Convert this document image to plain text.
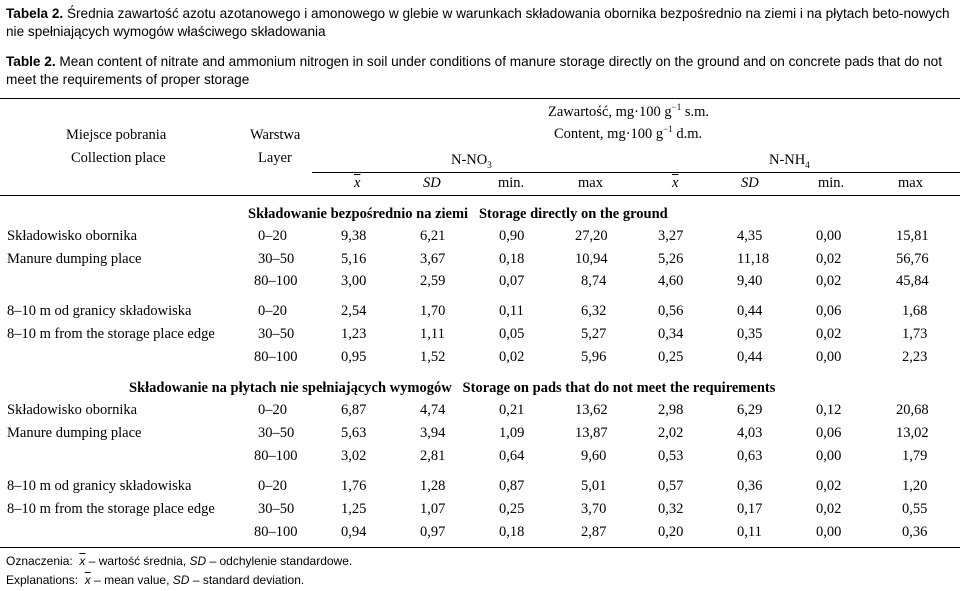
Tabela 2. Średnia zawartość azotu azotanowego i amonowego w glebie w warunkach składowania obornika bezpośrednio na ziemi i na płytach beto-nowych nie spełniających wymogów właściwego składowania
Table 2. Mean content of nitrate and ammonium nitrogen in soil under conditions of manure storage directly on the ground and on concrete pads that do not meet the requirements of proper storage
Zawartość, mg·100 $g^{-1}$ s.m.
Content, mg·100 $g^{-1}$ d.m.
Miejsce pobrania
Collection place
Warstwa
Layer	$N-NO_3$	$N-NH_4$
$\overline{x}$	SD	min.	max	$\overline{x}$	SD	min.	max
Składowanie bezpośrednio na ziemi Storage directly on the ground
Składowisko obornika
Manure dumping place
0–20	9,38	6,21	0,90	27,20	3,27	4,35	0,00	15,81
30–50	5,16	3,67	0,18	10,94	5,26	11,18	0,02	56,76
80–100	3,00	2,59	0,07	8,74	4,60	9,40	0,02	45,84
8–10 m od granicy składowiska
8–10 m from the storage place edge
0–20	2,54	1,70	0,11	6,32	0,56	0,44	0,06	1,68
30–50	1,23	1,11	0,05	5,27	0,34	0,35	0,02	1,73
80–100	0,95	1,52	0,02	5,96	0,25	0,44	0,00	2,23
Składowanie na płytach nie spełniających wymogów Storage on pads that do not meet the requirements
Składowisko obornika
Manure dumping place
0–20	6,87	4,74	0,21	13,62	2,98	6,29	0,12	20,68
30–50	5,63	3,94	1,09	13,87	2,02	4,03	0,06	13,02
80–100	3,02	2,81	0,64	9,60	0,53	0,63	0,00	1,79
8–10 m od granicy składowiska
8–10 m from the storage place edge
0–20	1,76	1,28	0,87	5,01	0,57	0,36	0,02	1,20
30–50	1,25	1,07	0,25	3,70	0,32	0,17	0,02	0,55
80–100	0,94	0,97	0,18	2,87	0,20	0,11	0,00	0,36
Oznaczenia: $\overline{x}$ – wartość średnia, SD – odchylenie standardowe.
Explanations: $\overline{x}$ – mean value, SD – standard deviation.
